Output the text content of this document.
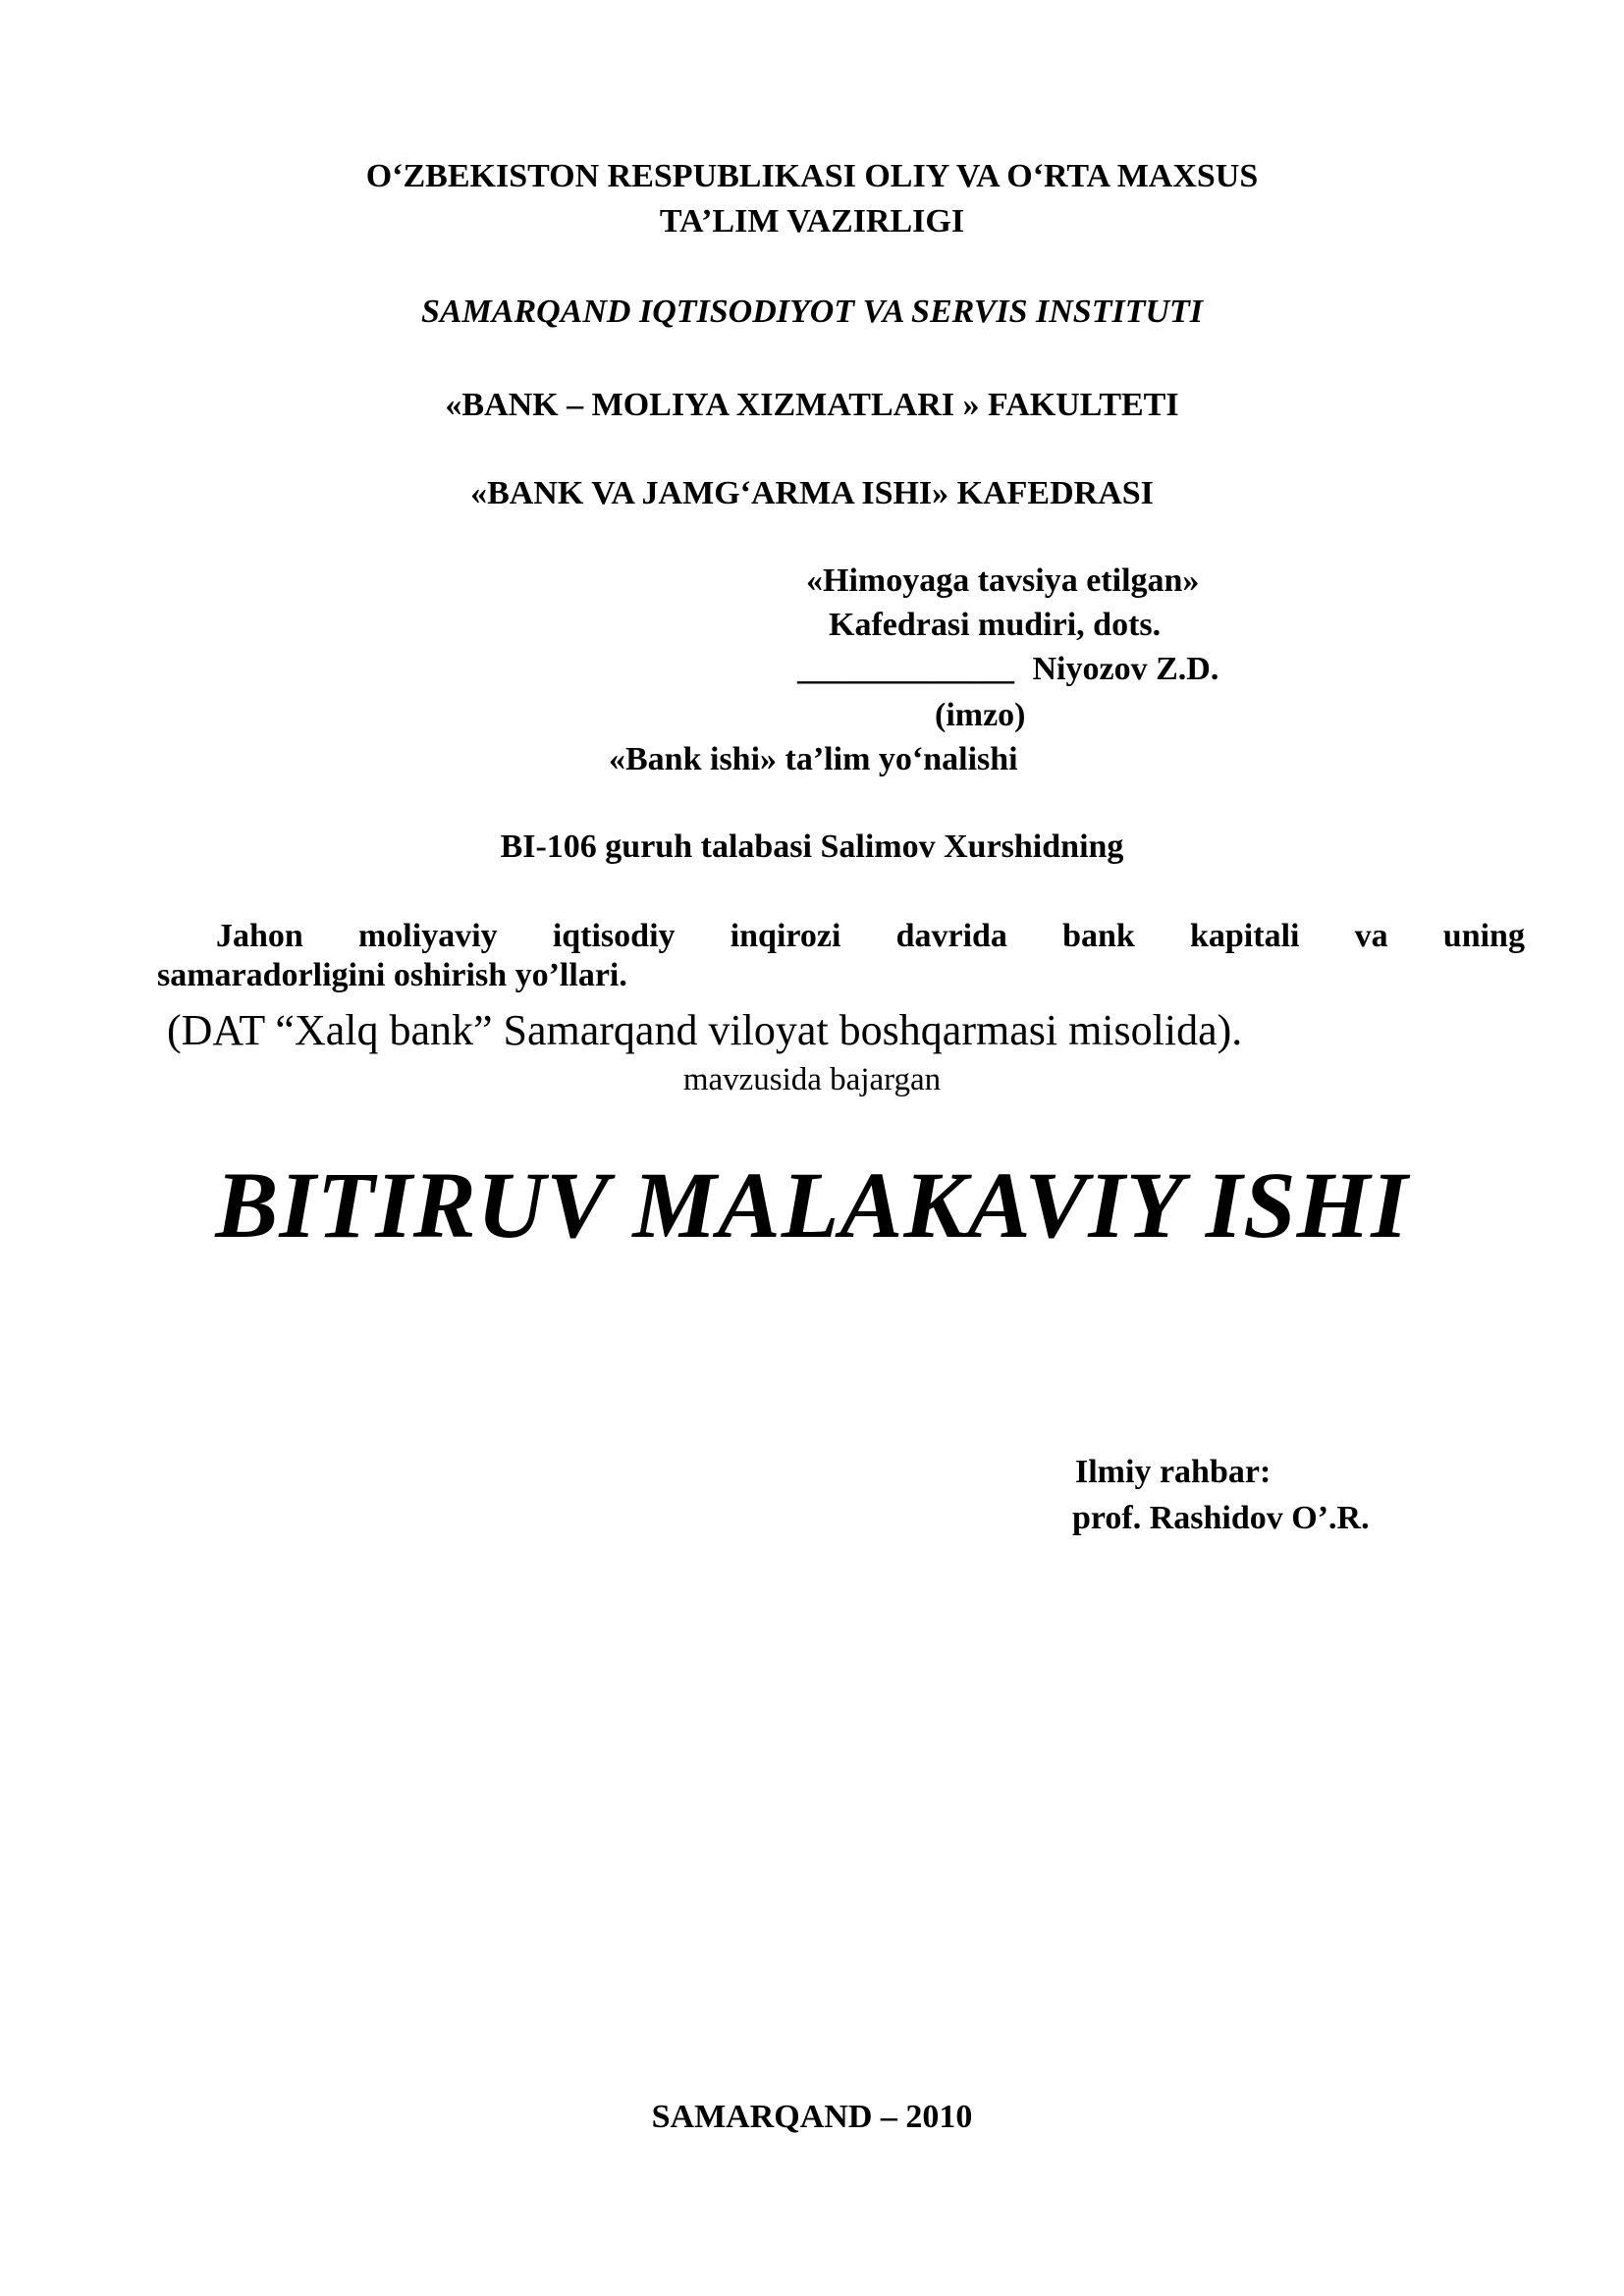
O‘ZBEKISTON RESPUBLIKASI OLIY VA O‘RTA MAXSUS
TA’LIM VAZIRLIGI
SAMARQAND IQTISODIYOT VA SERVIS INSTITUTI
«BANK – MOLIYA XIZMATLARI » FAKULTETI
«BANK VA JAMG‘ARMA ISHI» KAFEDRASI
«Himoyaga tavsiya etilgan»
Kafedrasi mudiri, dots.
_____________ Niyozov Z.D.
(imzo)
«Bank ishi» ta’lim yo‘nalishi
BI-106 guruh talabasi Salimov Xurshidning
Jahon moliyaviy iqtisodiy inqirozi davrida bank kapitali va uning
samaradorligini oshirish yo’llari.
(DAT “Xalq bank” Samarqand viloyat boshqarmasi misolida).
mavzusida bajargan
BITIRUV MALAKAVIY ISHI
Ilmiy rahbar:
prof. Rashidov O’.R.
SAMARQAND – 2010
